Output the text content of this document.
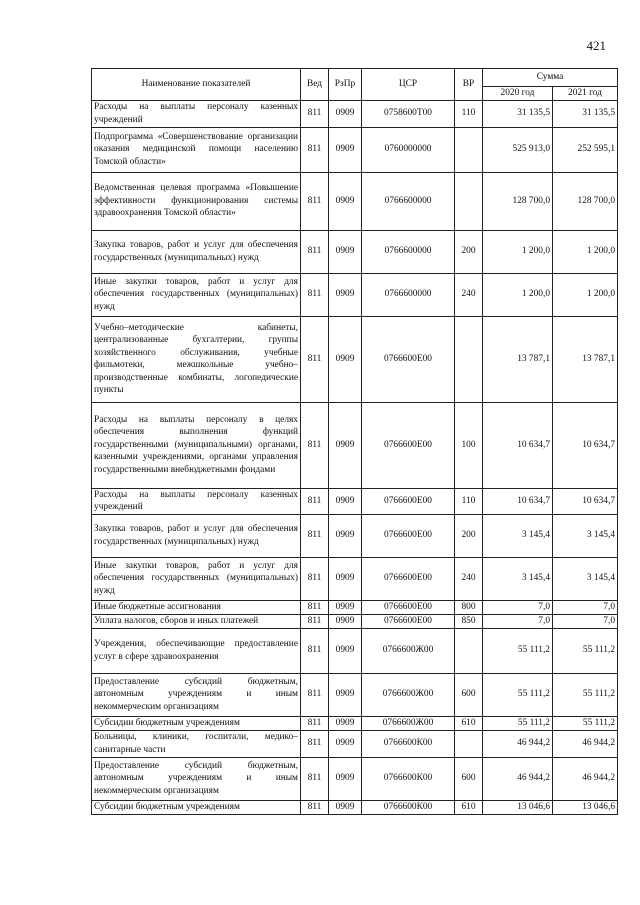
421
Наименование показателей	Вед	РзПр	ЦСР	ВР	Сумма	
					2020 год	2021 год
Расходы на выплаты персоналу казенных учреждений	811	0909	0758600Т00	110	31 135,5	31 135,5
Подпрограмма «Совершенствование организации оказания медицинской помощи населению Томской области»	811	0909	0760000000		525 913,0	252 595,1
Ведомственная целевая программа «Повышение эффективности функционирования системы здравоохранения Томской области»	811	0909	0766600000		128 700,0	128 700,0
Закупка товаров, работ и услуг для обеспечения государственных (муниципальных) нужд	811	0909	0766600000	200	1 200,0	1 200,0
Иные закупки товаров, работ и услуг для обеспечения государственных (муниципальных) нужд	811	0909	0766600000	240	1 200,0	1 200,0
Учебно–методические кабинеты, централизованные бухгалтерии, группы хозяйственного обслуживания, учебные фильмотеки, межшкольные учебно–производственные комбинаты, логопедические пункты	811	0909	0766600Е00		13 787,1	13 787,1
Расходы на выплаты персоналу в целях обеспечения выполнения функций государственными (муниципальными) органами, казенными учреждениями, органами управления государственными внебюджетными фондами	811	0909	0766600Е00	100	10 634,7	10 634,7
Расходы на выплаты персоналу казенных учреждений	811	0909	0766600Е00	110	10 634,7	10 634,7
Закупка товаров, работ и услуг для обеспечения государственных (муниципальных) нужд	811	0909	0766600Е00	200	3 145,4	3 145,4
Иные закупки товаров, работ и услуг для обеспечения государственных (муниципальных) нужд	811	0909	0766600Е00	240	3 145,4	3 145,4
Иные бюджетные ассигнования	811	0909	0766600Е00	800	7,0	7,0
Уплата налогов, сборов и иных платежей	811	0909	0766600Е00	850	7,0	7,0
Учреждения, обеспечивающие предоставление услуг в сфере здравоохранения	811	0909	0766600Ж00		55 111,2	55 111,2
Предоставление субсидий бюджетным, автономным учреждениям и иным некоммерческим организациям	811	0909	0766600Ж00	600	55 111,2	55 111,2
Субсидии бюджетным учреждениям	811	0909	0766600Ж00	610	55 111,2	55 111,2
Больницы, клиники, госпитали, медико–санитарные части	811	0909	0766600К00		46 944,2	46 944,2
Предоставление субсидий бюджетным, автономным учреждениям и иным некоммерческим организациям	811	0909	0766600К00	600	46 944,2	46 944,2
Субсидии бюджетным учреждениям	811	0909	0766600К00	610	13 046,6	13 046,6
